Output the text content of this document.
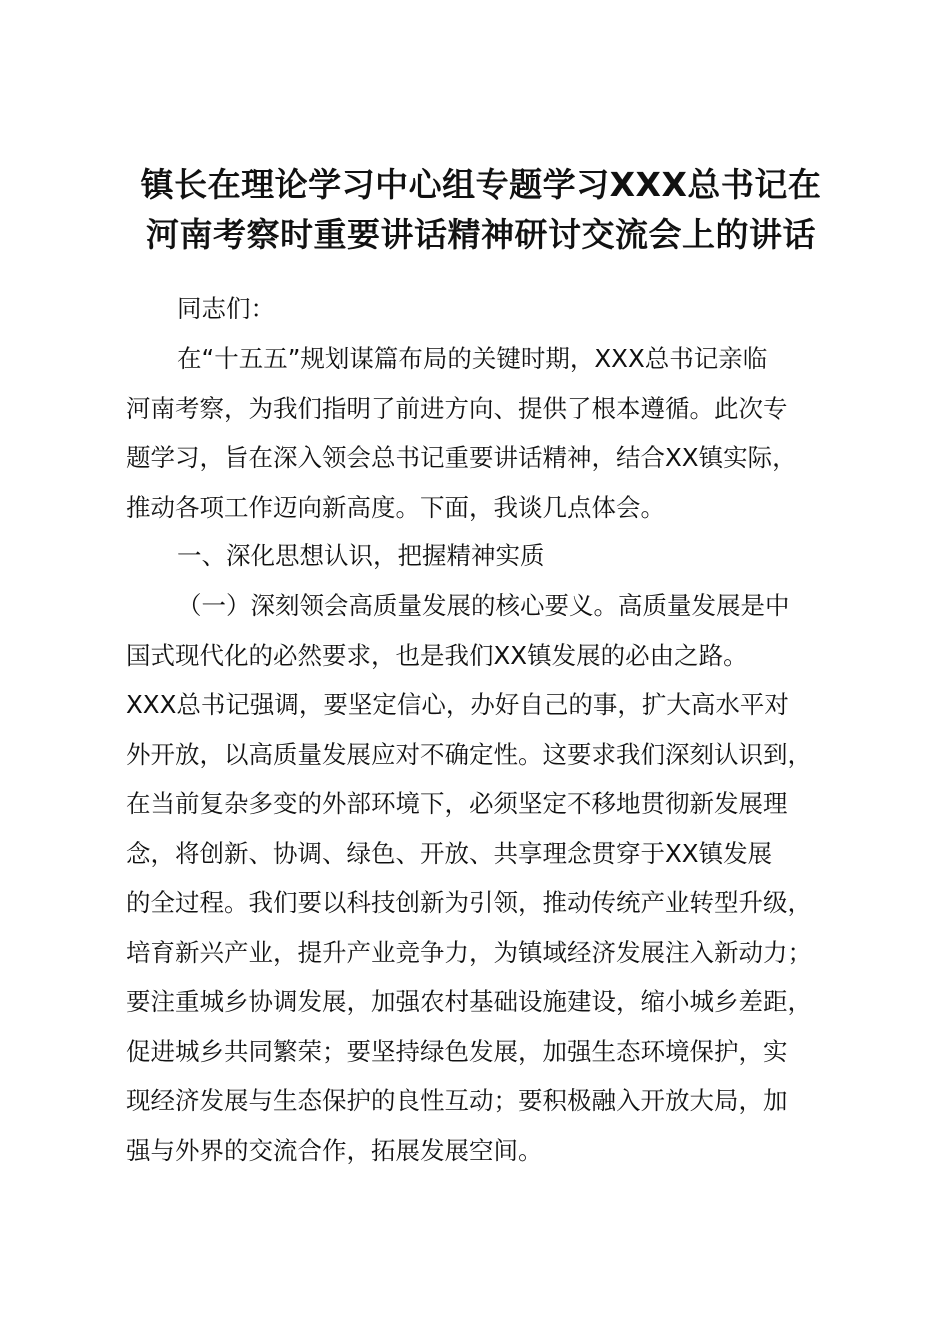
镇长在理论学习中心组专题学习XXX总书记在
河南考察时重要讲话精神研讨交流会上的讲话

同志们：

在“十五五”规划谋篇布局的关键时期，XXX总书记亲临
河南考察，为我们指明了前进方向、提供了根本遵循。此次专
题学习，旨在深入领会总书记重要讲话精神，结合XX镇实际，
推动各项工作迈向新高度。下面，我谈几点体会。

一、深化思想认识，把握精神实质

（一）深刻领会高质量发展的核心要义。高质量发展是中
国式现代化的必然要求，也是我们XX镇发展的必由之路。
XXX总书记强调，要坚定信心，办好自己的事，扩大高水平对
外开放，以高质量发展应对不确定性。这要求我们深刻认识到，
在当前复杂多变的外部环境下，必须坚定不移地贯彻新发展理
念，将创新、协调、绿色、开放、共享理念贯穿于XX镇发展
的全过程。我们要以科技创新为引领，推动传统产业转型升级，
培育新兴产业，提升产业竞争力，为镇域经济发展注入新动力；
要注重城乡协调发展，加强农村基础设施建设，缩小城乡差距，
促进城乡共同繁荣；要坚持绿色发展，加强生态环境保护，实
现经济发展与生态保护的良性互动；要积极融入开放大局，加
强与外界的交流合作，拓展发展空间。
